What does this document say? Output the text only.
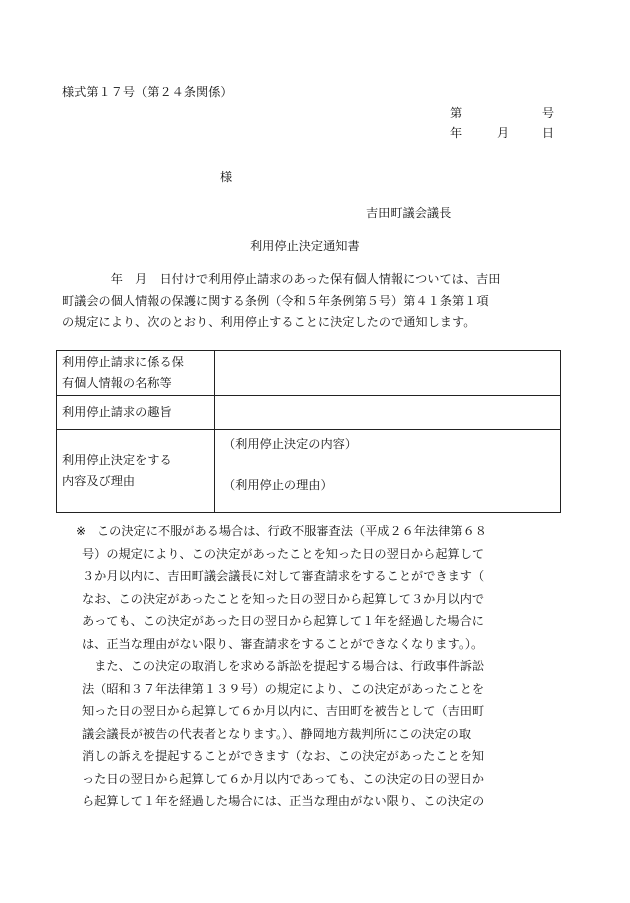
様式第１７号（第２４条関係）
第	号
年	月	日
様
吉田町議会議長
利用停止決定通知書
　　　　年　月　日付けで利用停止請求のあった保有個人情報については、吉田
町議会の個人情報の保護に関する条例（令和５年条例第５号）第４１条第１項
の規定により、次のとおり、利用停止することに決定したので通知します。
利用停止請求に係る保
有個人情報の名称等	
利用停止請求の趣旨	
利用停止決定をする
内容及び理由	（利用停止決定の内容）
（利用停止の理由）
※ この決定に不服がある場合は、行政不服審査法（平成２６年法律第６８
号）の規定により、この決定があったことを知った日の翌日から起算して
３か月以内に、吉田町議会議長に対して審査請求をすることができます（
なお、この決定があったことを知った日の翌日から起算して３か月以内で
あっても、この決定があった日の翌日から起算して１年を経過した場合に
は、正当な理由がない限り、審査請求をすることができなくなります。）。
　また、この決定の取消しを求める訴訟を提起する場合は、行政事件訴訟
法（昭和３７年法律第１３９号）の規定により、この決定があったことを
知った日の翌日から起算して６か月以内に、吉田町を被告として（吉田町
議会議長が被告の代表者となります。）、静岡地方裁判所にこの決定の取
消しの訴えを提起することができます（なお、この決定があったことを知
った日の翌日から起算して６か月以内であっても、この決定の日の翌日か
ら起算して１年を経過した場合には、正当な理由がない限り、この決定の
